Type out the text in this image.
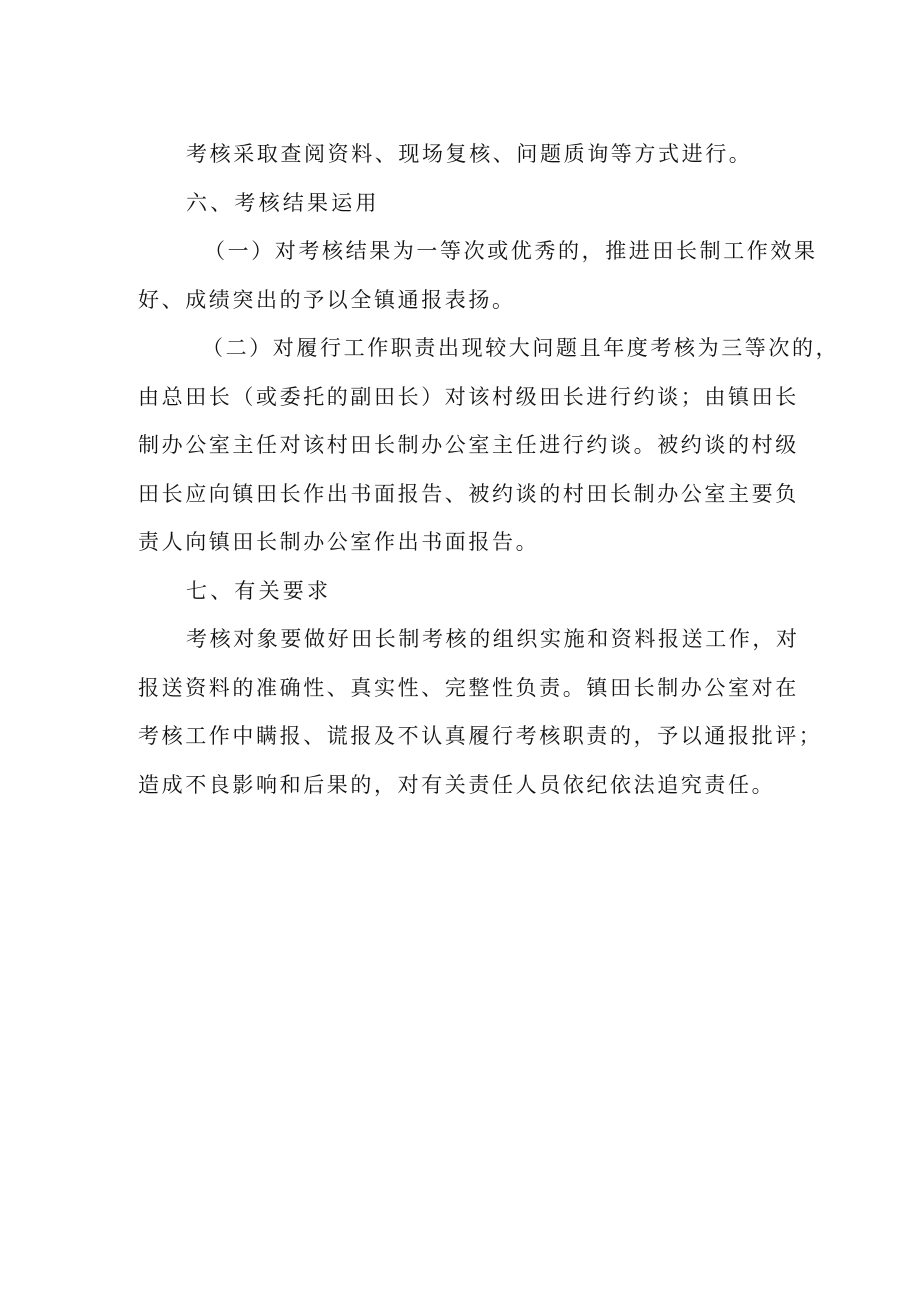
考核采取查阅资料、现场复核、问题质询等方式进行。
六、考核结果运用
（一）对考核结果为一等次或优秀的，推进田长制工作效果
好、成绩突出的予以全镇通报表扬。
（二）对履行工作职责出现较大问题且年度考核为三等次的，
由总田长（或委托的副田长）对该村级田长进行约谈；由镇田长
制办公室主任对该村田长制办公室主任进行约谈。被约谈的村级
田长应向镇田长作出书面报告、被约谈的村田长制办公室主要负
责人向镇田长制办公室作出书面报告。
七、有关要求
考核对象要做好田长制考核的组织实施和资料报送工作，对
报送资料的准确性、真实性、完整性负责。镇田长制办公室对在
考核工作中瞒报、谎报及不认真履行考核职责的，予以通报批评；
造成不良影响和后果的，对有关责任人员依纪依法追究责任。
